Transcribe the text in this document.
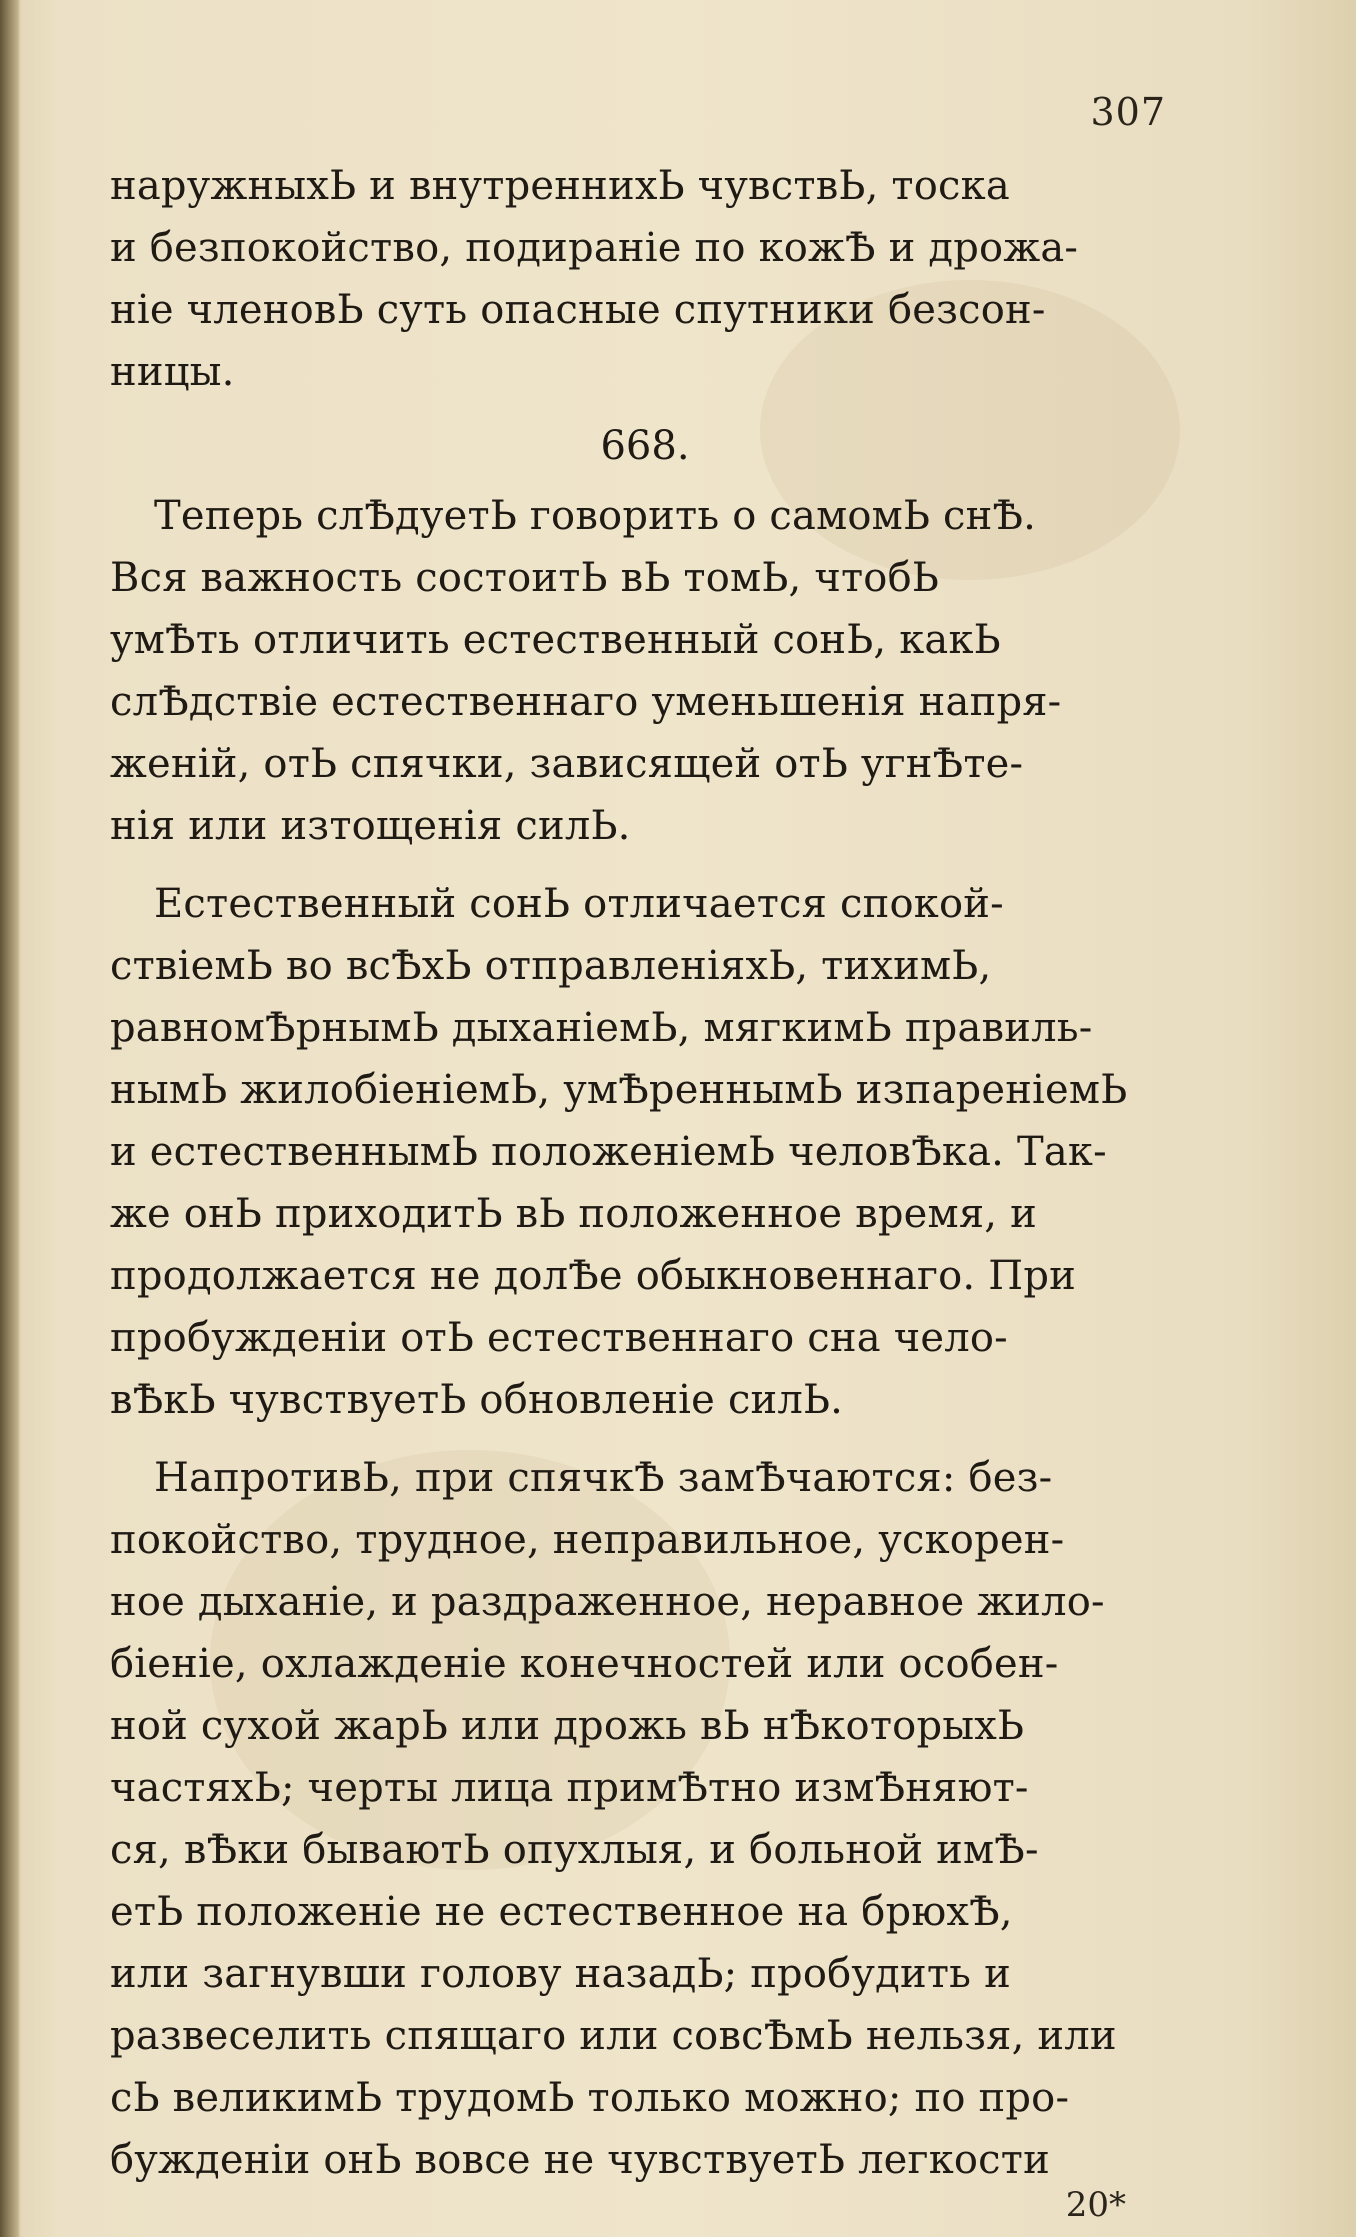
307
наружныхЬ и внутреннихЬ чувствЬ, тоска
и безпокойство, подираніе по кожѢ и дрожа-
ніе членовЬ суть опасные спутники безсон-
ницы.
668.
Теперь слѢдуетЬ говорить о самомЬ снѢ.
Вся важность состоитЬ вЬ томЬ, чтобЬ
умѢть отличить естественный сонЬ, какЬ
слѢдствіе естественнаго уменьшенія напря-
женій, отЬ спячки, зависящей отЬ угнѢте-
нія или изтощенія силЬ.
Естественный сонЬ отличается спокой-
ствіемЬ во всѢхЬ отправленіяхЬ, тихимЬ,
равномѢрнымЬ дыханіемЬ, мягкимЬ правиль-
нымЬ жилобіеніемЬ, умѢреннымЬ изпареніемЬ
и естественнымЬ положеніемЬ человѢка. Так-
же онЬ приходитЬ вЬ положенное время, и
продолжается не долѢе обыкновеннаго. При
пробужденіи отЬ естественнаго сна чело-
вѢкЬ чувствуетЬ обновленіе силЬ.
НапротивЬ, при спячкѢ замѢчаются: без-
покойство, трудное, неправильное, ускорен-
ное дыханіе, и раздраженное, неравное жило-
біеніе, охлажденіе конечностей или особен-
ной сухой жарЬ или дрожь вЬ нѢкоторыхЬ
частяхЬ; черты лица примѢтно измѢняют-
ся, вѢки бываютЬ опухлыя, и больной имѢ-
етЬ положеніе не естественное на брюхѢ,
или загнувши голову назадЬ; пробудить и
развеселить спящаго или совсѢмЬ нельзя, или
сЬ великимЬ трудомЬ только можно; по про-
бужденіи онЬ вовсе не чувствуетЬ легкости
20*
